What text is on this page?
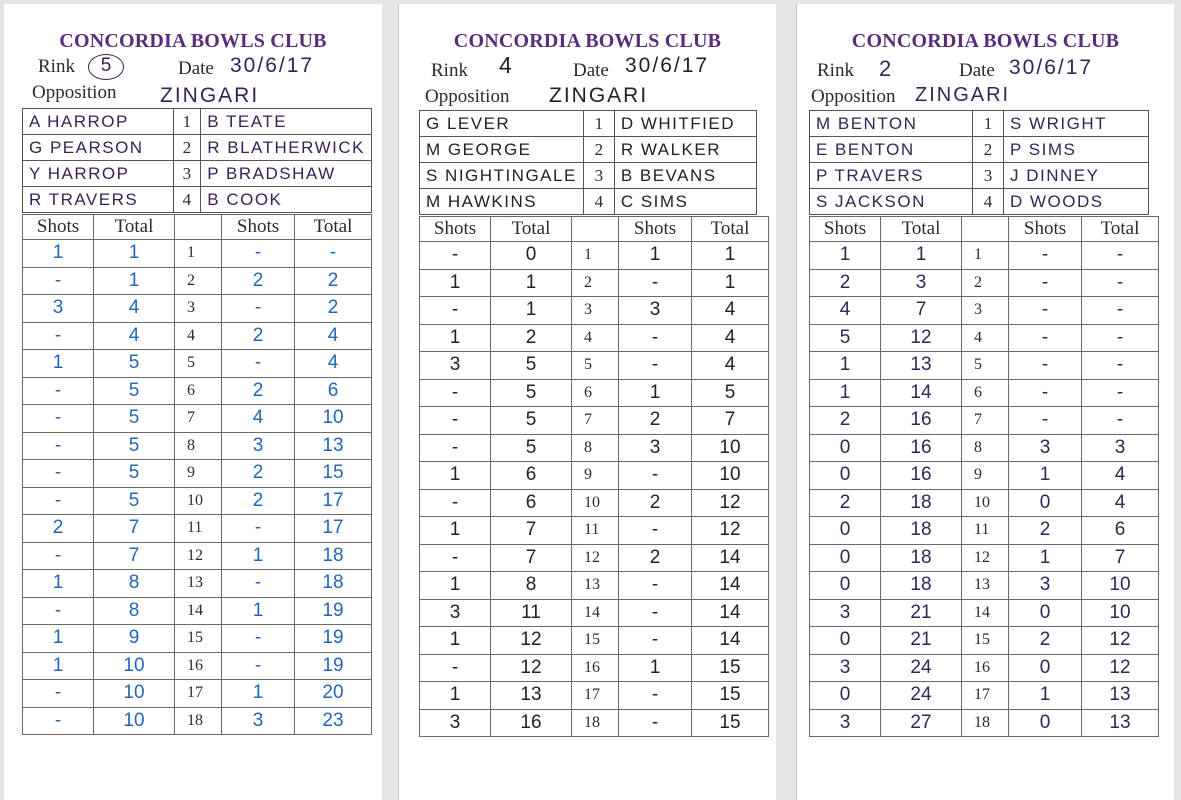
CONCORDIA BOWLS CLUB
Rink	5	Date 30/6/17
Opposition ZINGARI
A HARROP	1	B TEATE
G PEARSON	2	R BLATHERWICK
Y HARROP	3	P BRADSHAW
R TRAVERS	4	B COOK
Shots	Total		Shots	Total
1	1	1	-	-
-	1	2	2	2
3	4	3	-	2
-	4	4	2	4
1	5	5	-	4
-	5	6	2	6
-	5	7	4	10
-	5	8	3	13
-	5	9	2	15
-	5	10	2	17
2	7	11	-	17
-	7	12	1	18
1	8	13	-	18
-	8	14	1	19
1	9	15	-	19
1	10	16	-	19
-	10	17	1	20
-	10	18	3	23
CONCORDIA BOWLS CLUB
Rink 4	Date 30/6/17
Opposition ZINGARI
G LEVER	1	D WHITFIED
M GEORGE	2	R WALKER
S NIGHTINGALE	3	B BEVANS
M HAWKINS	4	C SIMS
Shots	Total		Shots	Total
-	0	1	1	1
1	1	2	-	1
-	1	3	3	4
1	2	4	-	4
3	5	5	-	4
-	5	6	1	5
-	5	7	2	7
-	5	8	3	10
1	6	9	-	10
-	6	10	2	12
1	7	11	-	12
-	7	12	2	14
1	8	13	-	14
3	11	14	-	14
1	12	15	-	14
-	12	16	1	15
1	13	17	-	15
3	16	18	-	15
CONCORDIA BOWLS CLUB
Rink 2	Date 30/6/17
Opposition ZINGARI
M BENTON	1	S WRIGHT
E BENTON	2	P SIMS
P TRAVERS	3	J DINNEY
S JACKSON	4	D WOODS
Shots	Total		Shots	Total
1	1	1	-	-
2	3	2	-	-
4	7	3	-	-
5	12	4	-	-
1	13	5	-	-
1	14	6	-	-
2	16	7	-	-
0	16	8	3	3
0	16	9	1	4
2	18	10	0	4
0	18	11	2	6
0	18	12	1	7
0	18	13	3	10
3	21	14	0	10
0	21	15	2	12
3	24	16	0	12
0	24	17	1	13
3	27	18	0	13
